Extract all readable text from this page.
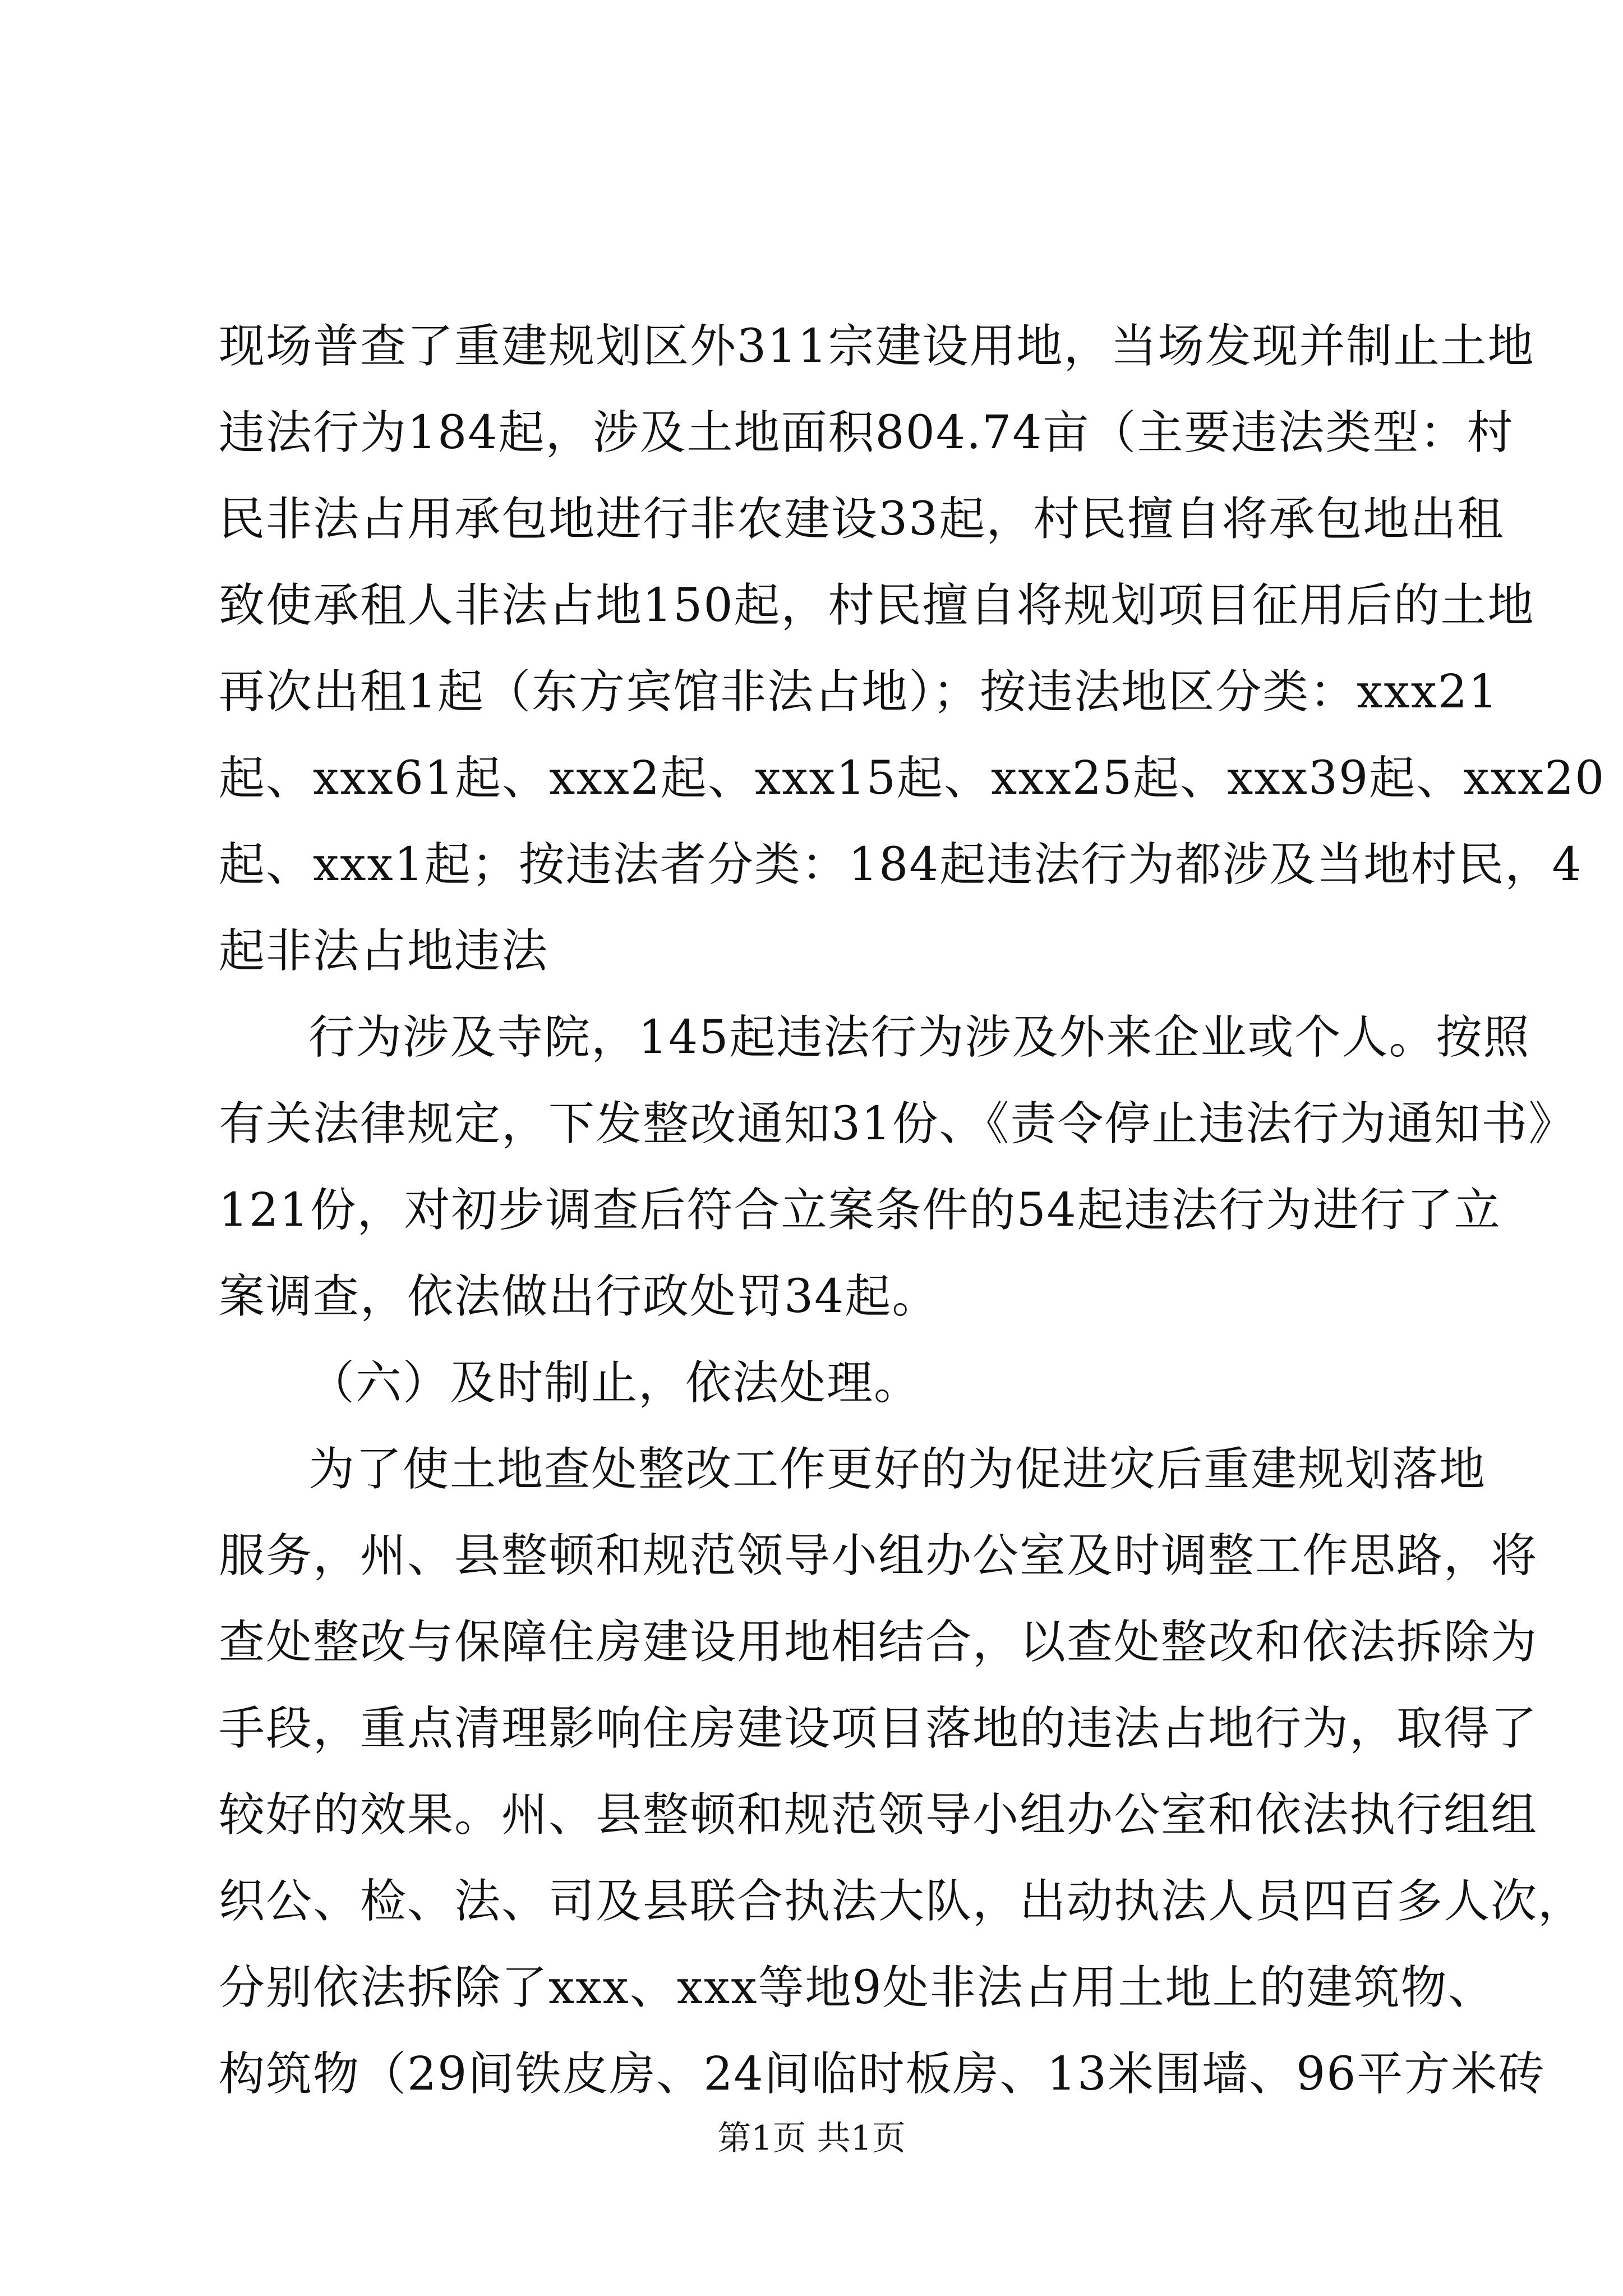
现场普查了重建规划区外311宗建设用地，当场发现并制止土地
违法行为184起，涉及土地面积804.74亩（主要违法类型：村
民非法占用承包地进行非农建设33起，村民擅自将承包地出租
致使承租人非法占地150起，村民擅自将规划项目征用后的土地
再次出租1起（东方宾馆非法占地）；按违法地区分类：xxx21
起、xxx61起、xxx2起、xxx15起、xxx25起、xxx39起、xxx20
起、xxx1起；按违法者分类：184起违法行为都涉及当地村民，4
起非法占地违法
行为涉及寺院，145起违法行为涉及外来企业或个人。按照
有关法律规定，下发整改通知31份、《责令停止违法行为通知书》
121份，对初步调查后符合立案条件的54起违法行为进行了立
案调查，依法做出行政处罚34起。
（六）及时制止，依法处理。
为了使土地查处整改工作更好的为促进灾后重建规划落地
服务，州、县整顿和规范领导小组办公室及时调整工作思路，将
查处整改与保障住房建设用地相结合，以查处整改和依法拆除为
手段，重点清理影响住房建设项目落地的违法占地行为，取得了
较好的效果。州、县整顿和规范领导小组办公室和依法执行组组
织公、检、法、司及县联合执法大队，出动执法人员四百多人次，
分别依法拆除了xxx、xxx等地9处非法占用土地上的建筑物、
构筑物（29间铁皮房、24间临时板房、13米围墙、96平方米砖
第1页 共1页
